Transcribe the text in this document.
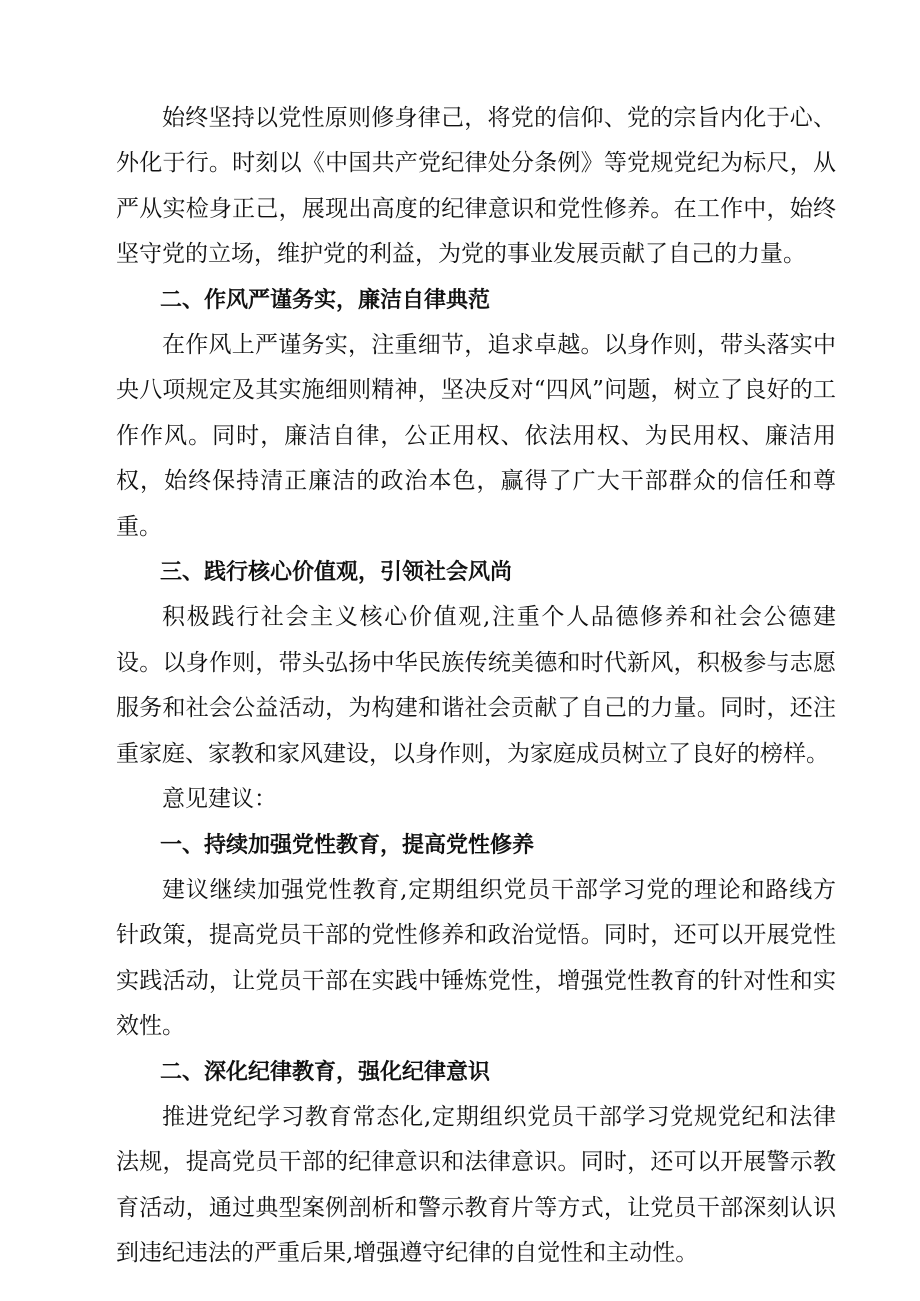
始终坚持以党性原则修身律己，将党的信仰、党的宗旨内化于心、外化于行。时刻以《中国共产党纪律处分条例》等党规党纪为标尺，从严从实检身正己，展现出高度的纪律意识和党性修养。在工作中，始终坚守党的立场，维护党的利益，为党的事业发展贡献了自己的力量。

二、作风严谨务实，廉洁自律典范

在作风上严谨务实，注重细节，追求卓越。以身作则，带头落实中央八项规定及其实施细则精神，坚决反对“四风”问题，树立了良好的工作作风。同时，廉洁自律，公正用权、依法用权、为民用权、廉洁用权，始终保持清正廉洁的政治本色，赢得了广大干部群众的信任和尊重。

三、践行核心价值观，引领社会风尚

积极践行社会主义核心价值观,注重个人品德修养和社会公德建设。以身作则，带头弘扬中华民族传统美德和时代新风，积极参与志愿服务和社会公益活动，为构建和谐社会贡献了自己的力量。同时，还注重家庭、家教和家风建设，以身作则，为家庭成员树立了良好的榜样。

意见建议：

一、持续加强党性教育，提高党性修养

建议继续加强党性教育,定期组织党员干部学习党的理论和路线方针政策，提高党员干部的党性修养和政治觉悟。同时，还可以开展党性实践活动，让党员干部在实践中锤炼党性，增强党性教育的针对性和实效性。

二、深化纪律教育，强化纪律意识

推进党纪学习教育常态化,定期组织党员干部学习党规党纪和法律法规，提高党员干部的纪律意识和法律意识。同时，还可以开展警示教育活动，通过典型案例剖析和警示教育片等方式，让党员干部深刻认识到违纪违法的严重后果,增强遵守纪律的自觉性和主动性。
